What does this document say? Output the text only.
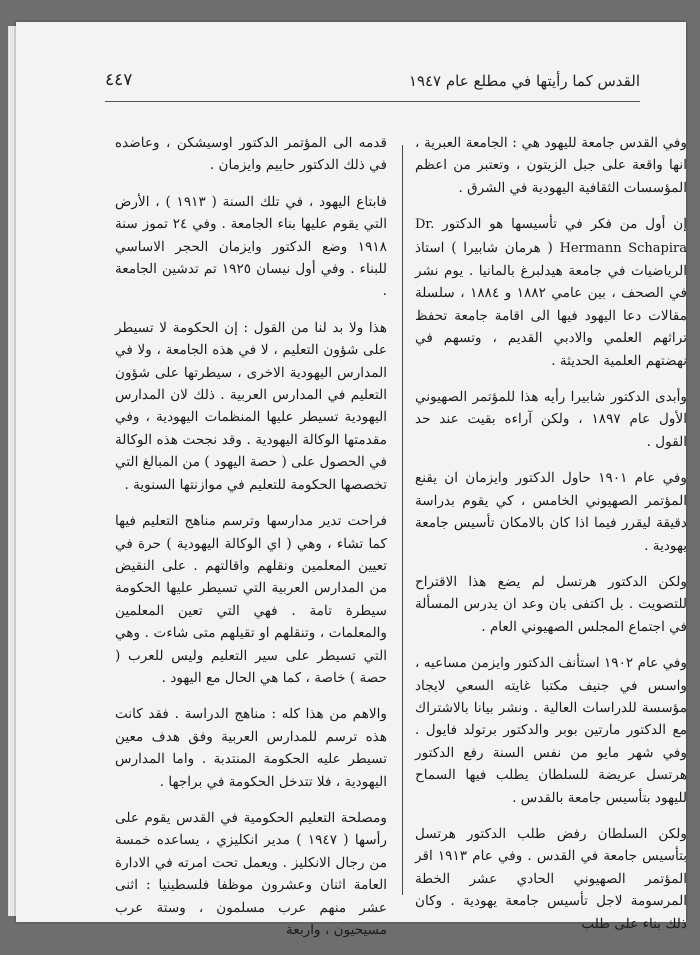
القدس كما رأيتها في مطلع عام ١٩٤٧
٤٤٧

وفي القدس جامعة لليهود هي : الجامعة العبرية ، انها واقعة على جبل الزيتون ، وتعتبر من اعظم المؤسسات الثقافية اليهودية في الشرق .

إن أول من فكر في تأسيسها هو الدكتور Dr. Hermann Schapira ( هرمان شابيرا ) استاذ الرياضيات في جامعة هيدلبرغ بالمانيا . يوم نشر في الصحف ، بين عامي ١٨٨٢ و ١٨٨٤ ، سلسلة مقالات دعا اليهود فيها الى اقامة جامعة تحفظ تراثهم العلمي والادبي القديم ، وتسهم في نهضتهم العلمية الحديثة .

وأبدى الدكتور شابيرا رأيه هذا للمؤتمر الصهيوني الأول عام ١٨٩٧ ، ولكن آراءه بقيت عند حد القول .

وفي عام ١٩٠١ حاول الدكتور وايزمان ان يقنع المؤتمر الصهيوني الخامس ، كي يقوم بدراسة دقيقة ليقرر فيما اذا كان بالامكان تأسيس جامعة يهودية .

ولكن الدكتور هرتسل لم يضع هذا الاقتراح للتصويت . بل اكتفى بان وعد ان يدرس المسألة في اجتماع المجلس الصهيوني العام .

وفي عام ١٩٠٢ استأنف الدكتور وايزمن مساعيه ، واسس في جنيف مكتبا غايته السعي لايجاد مؤسسة للدراسات العالية . ونشر بيانا بالاشتراك مع الدكتور مارتين بوبر والدكتور برتولد فايول . وفي شهر مايو من نفس السنة رفع الدكتور هرتسل عريضة للسلطان يطلب فيها السماح لليهود بتأسيس جامعة بالقدس .

ولكن السلطان رفض طلب الدكتور هرتسل بتأسيس جامعة في القدس . وفي عام ١٩١٣ اقر المؤتمر الصهيوني الحادي عشر الخطة المرسومة لاجل تأسيس جامعة يهودية . وكان ذلك بناء على طلب

قدمه الى المؤتمر الدكتور اوسيشكن ، وعاضده في ذلك الدكتور حاييم وايزمان .

فابتاع اليهود ، في تلك السنة ( ١٩١٣ ) ، الأرض التي يقوم عليها بناء الجامعة . وفي ٢٤ تموز سنة ١٩١٨ وضع الدكتور وايزمان الحجر الاساسي للبناء . وفي أول نيسان ١٩٢٥ تم تدشين الجامعة .

هذا ولا بد لنا من القول : إن الحكومة لا تسيطر على شؤون التعليم ، لا في هذه الجامعة ، ولا في المدارس اليهودية الاخرى ، سيطرتها على شؤون التعليم في المدارس العربية . ذلك لان المدارس اليهودية تسيطر عليها المنظمات اليهودية ، وفي مقدمتها الوكالة اليهودية . وقد نجحت هذه الوكالة في الحصول على ( حصة اليهود ) من المبالغ التي تخصصها الحكومة للتعليم في موازنتها السنوية .

فراحت تدير مدارسها وترسم مناهج التعليم فيها كما تشاء ، وهي ( اي الوكالة اليهودية ) حرة في تعيين المعلمين ونقلهم واقالتهم . على النقيض من المدارس العربية التي تسيطر عليها الحكومة سيطرة تامة . فهي التي تعين المعلمين والمعلمات ، وتنقلهم او تقيلهم متى شاءت . وهي التي تسيطر على سير التعليم وليس للعرب ( حصة ) خاصة ، كما هي الحال مع اليهود .

والاهم من هذا كله : مناهج الدراسة . فقد كانت هذه ترسم للمدارس العربية وفق هدف معين تسيطر عليه الحكومة المنتدبة . واما المدارس اليهودية ، فلا تتدخل الحكومة في براجها .

ومصلحة التعليم الحكومية في القدس يقوم على رأسها ( ١٩٤٧ ) مدير انكليزي ، يساعده خمسة من رجال الانكليز . ويعمل تحت امرته في الادارة العامة اثنان وعشرون موظفا فلسطينيا : اثنى عشر منهم عرب مسلمون ، وستة عرب مسيحيون ، واربعة
